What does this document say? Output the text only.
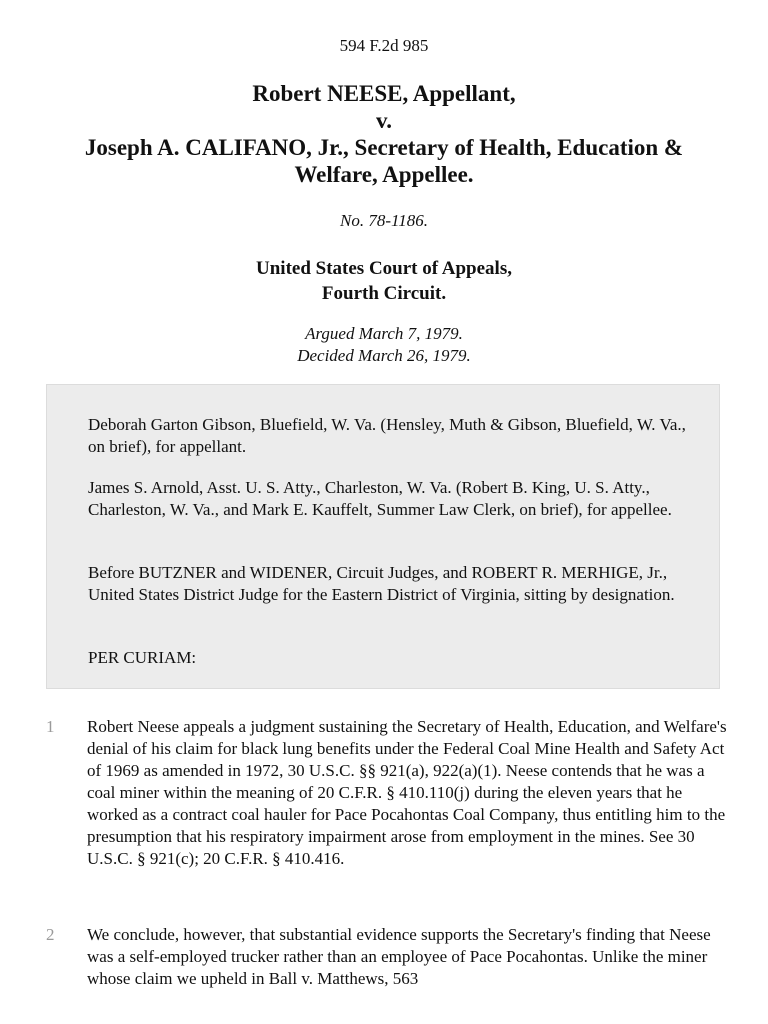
594 F.2d 985
Robert NEESE, Appellant,
v.
Joseph A. CALIFANO, Jr., Secretary of Health, Education &
Welfare, Appellee.
No. 78-1186.
United States Court of Appeals,
Fourth Circuit.
Argued March 7, 1979.
Decided March 26, 1979.

Deborah Garton Gibson, Bluefield, W. Va. (Hensley, Muth & Gibson, Bluefield, W. Va., on brief), for appellant.

James S. Arnold, Asst. U. S. Atty., Charleston, W. Va. (Robert B. King, U. S. Atty., Charleston, W. Va., and Mark E. Kauffelt, Summer Law Clerk, on brief), for appellee.

Before BUTZNER and WIDENER, Circuit Judges, and ROBERT R. MERHIGE, Jr., United States District Judge for the Eastern District of Virginia, sitting by designation.

PER CURIAM:

1 Robert Neese appeals a judgment sustaining the Secretary of Health, Education, and Welfare's denial of his claim for black lung benefits under the Federal Coal Mine Health and Safety Act of 1969 as amended in 1972, 30 U.S.C. §§ 921(a), 922(a)(1). Neese contends that he was a coal miner within the meaning of 20 C.F.R. § 410.110(j) during the eleven years that he worked as a contract coal hauler for Pace Pocahontas Coal Company, thus entitling him to the presumption that his respiratory impairment arose from employment in the mines. See 30 U.S.C. § 921(c); 20 C.F.R. § 410.416.

2 We conclude, however, that substantial evidence supports the Secretary's finding that Neese was a self-employed trucker rather than an employee of Pace Pocahontas. Unlike the miner whose claim we upheld in Ball v. Matthews, 563
